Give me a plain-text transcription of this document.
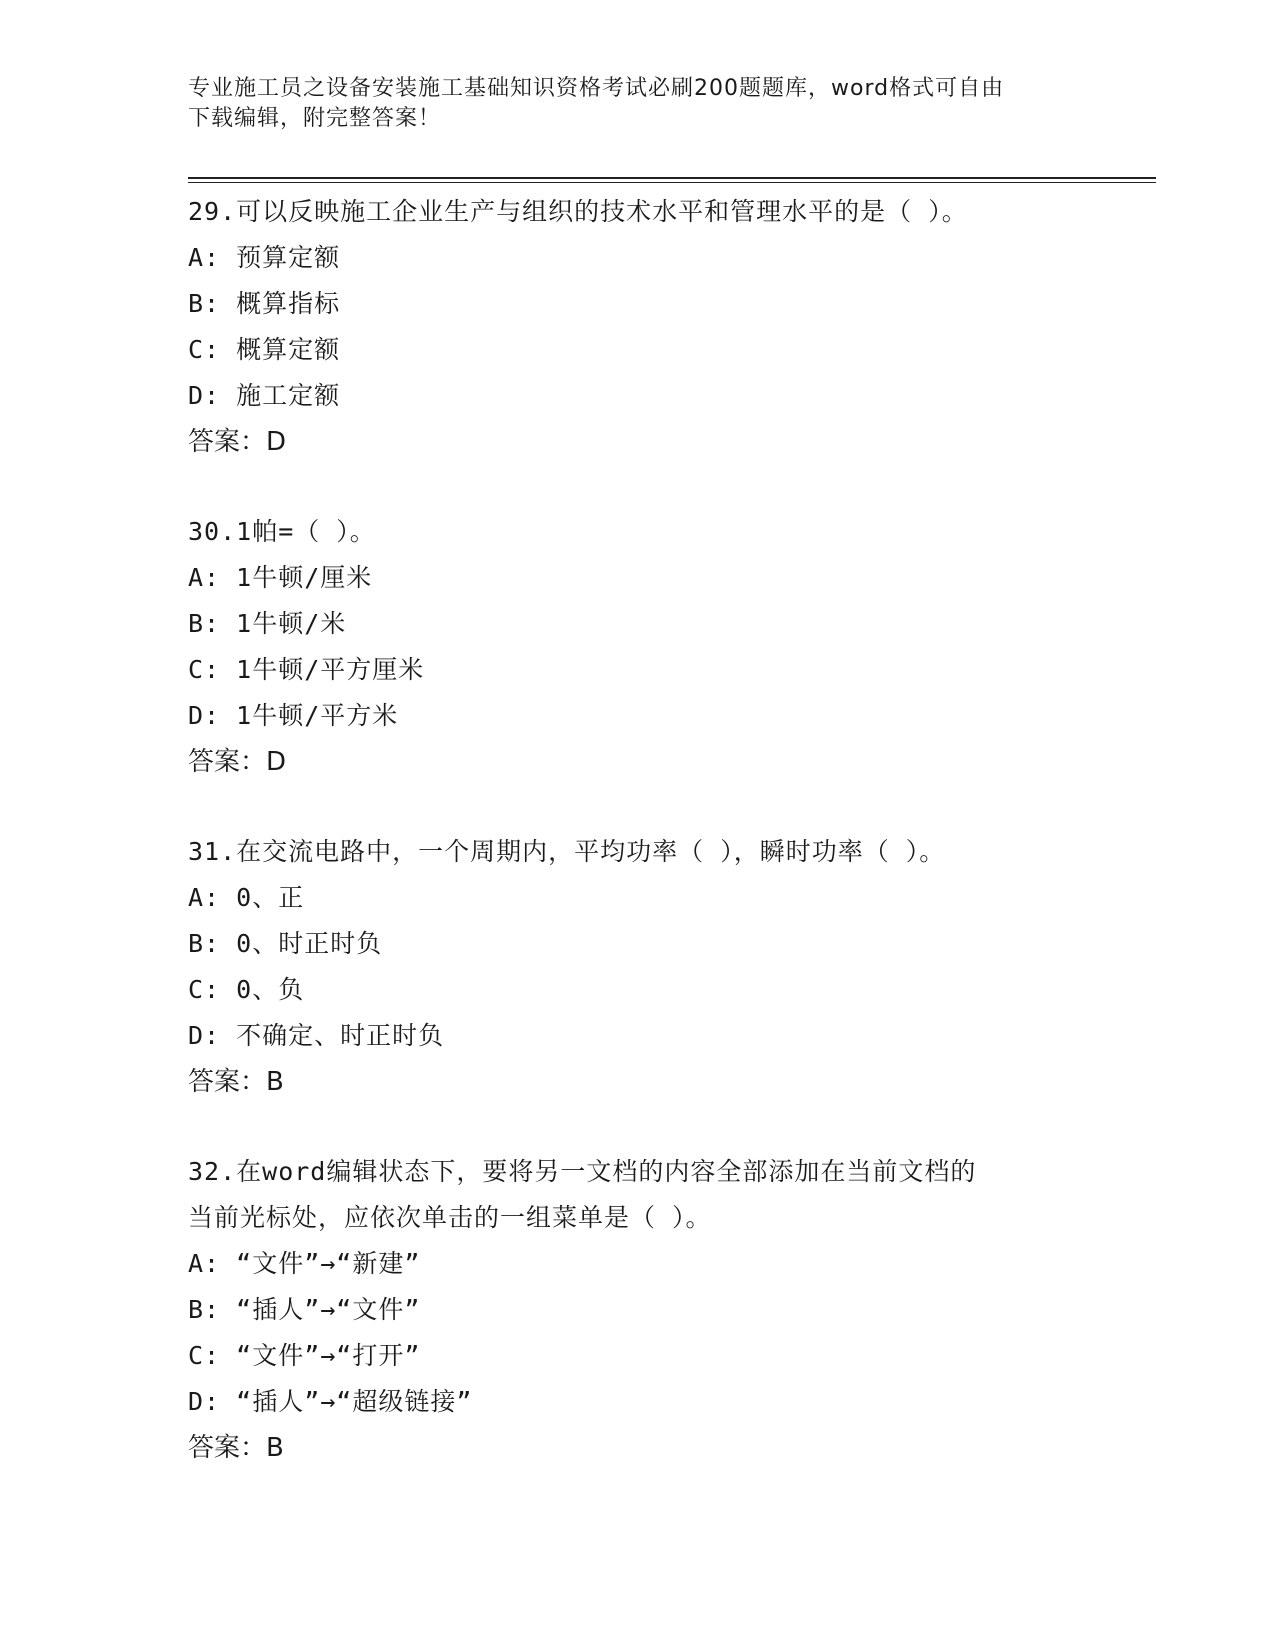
专业施工员之设备安装施工基础知识资格考试必刷200题题库，word格式可自由
下载编辑，附完整答案！
29.可以反映施工企业生产与组织的技术水平和管理水平的是（ ）。
A: 预算定额
B: 概算指标
C: 概算定额
D: 施工定额
答案：D
30.1帕=（ ）。
A: 1牛顿/厘米
B: 1牛顿/米
C: 1牛顿/平方厘米
D: 1牛顿/平方米
答案：D
31.在交流电路中，一个周期内，平均功率（ ），瞬时功率（ ）。
A: 0、正
B: 0、时正时负
C: 0、负
D: 不确定、时正时负
答案：B
32.在word编辑状态下，要将另一文档的内容全部添加在当前文档的
当前光标处，应依次单击的一组菜单是（ ）。
A: “文件”→“新建”
B: “插人”→“文件”
C: “文件”→“打开”
D: “插人”→“超级链接”
答案：B
